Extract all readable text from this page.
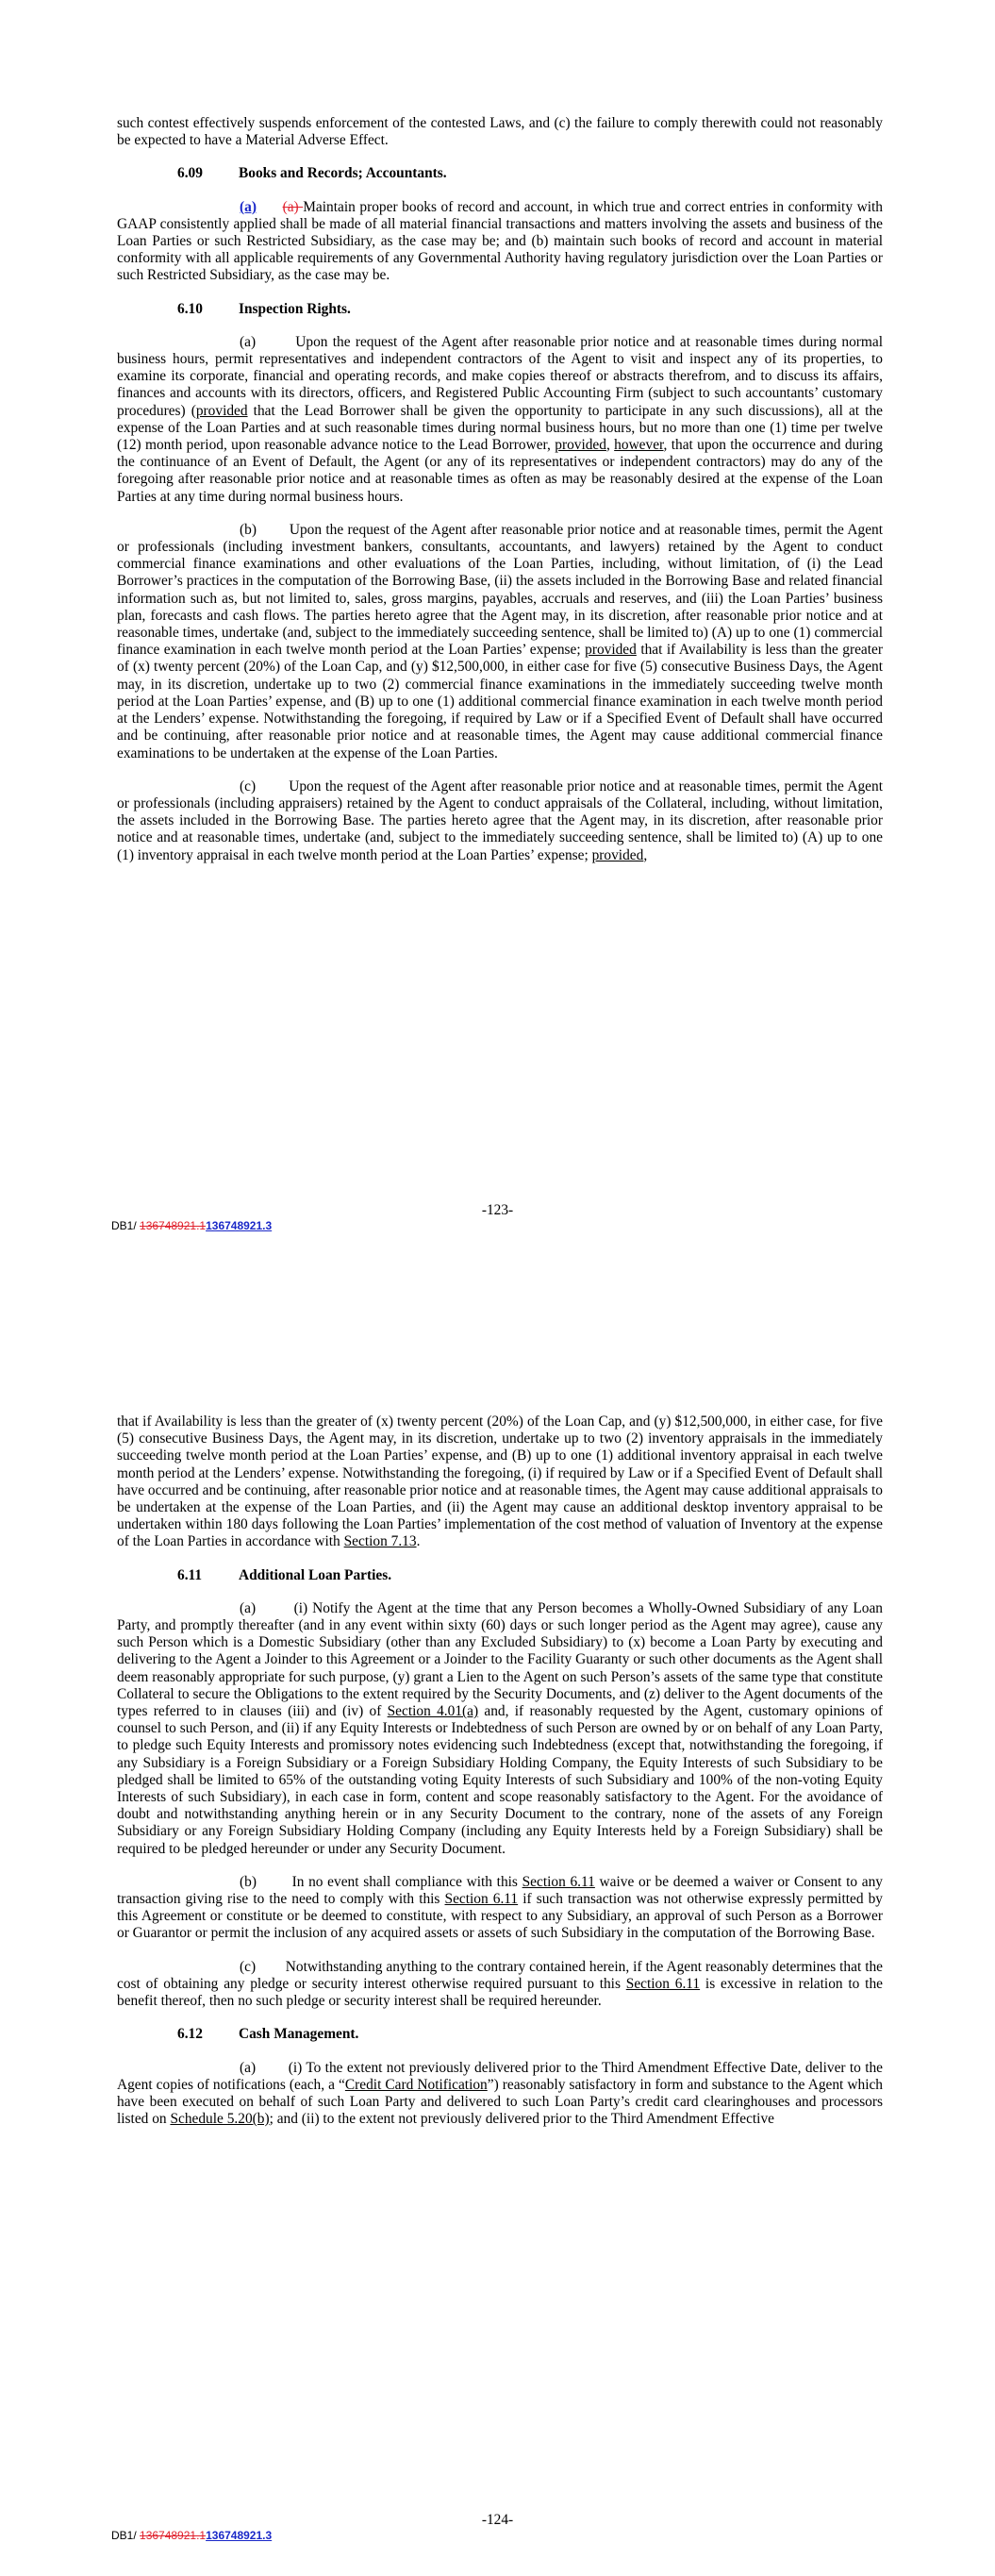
such contest effectively suspends enforcement of the contested Laws, and (c) the failure to comply therewith could not reasonably be expected to have a Material Adverse Effect.

6.09 Books and Records; Accountants.

(a) (a) Maintain proper books of record and account, in which true and correct entries in conformity with GAAP consistently applied shall be made of all material financial transactions and matters involving the assets and business of the Loan Parties or such Restricted Subsidiary, as the case may be; and (b) maintain such books of record and account in material conformity with all applicable requirements of any Governmental Authority having regulatory jurisdiction over the Loan Parties or such Restricted Subsidiary, as the case may be.

6.10 Inspection Rights.

(a)        Upon the request of the Agent after reasonable prior notice and at reasonable times during normal business hours, permit representatives and independent contractors of the Agent to visit and inspect any of its properties, to examine its corporate, financial and operating records, and make copies thereof or abstracts therefrom, and to discuss its affairs, finances and accounts with its directors, officers, and Registered Public Accounting Firm (subject to such accountants’ customary procedures) (provided that the Lead Borrower shall be given the opportunity to participate in any such discussions), all at the expense of the Loan Parties and at such reasonable times during normal business hours, but no more than one (1) time per twelve (12) month period, upon reasonable advance notice to the Lead Borrower, provided, however, that upon the occurrence and during the continuance of an Event of Default, the Agent (or any of its representatives or independent contractors) may do any of the foregoing after reasonable prior notice and at reasonable times as often as may be reasonably desired at the expense of the Loan Parties at any time during normal business hours.

(b)        Upon the request of the Agent after reasonable prior notice and at reasonable times, permit the Agent or professionals (including investment bankers, consultants, accountants, and lawyers) retained by the Agent to conduct commercial finance examinations and other evaluations of the Loan Parties, including, without limitation, of (i) the Lead Borrower’s practices in the computation of the Borrowing Base, (ii) the assets included in the Borrowing Base and related financial information such as, but not limited to, sales, gross margins, payables, accruals and reserves, and (iii) the Loan Parties’ business plan, forecasts and cash flows. The parties hereto agree that the Agent may, in its discretion, after reasonable prior notice and at reasonable times, undertake (and, subject to the immediately succeeding sentence, shall be limited to) (A) up to one (1) commercial finance examination in each twelve month period at the Loan Parties’ expense; provided that if Availability is less than the greater of (x) twenty percent (20%) of the Loan Cap, and (y) $12,500,000, in either case for five (5) consecutive Business Days, the Agent may, in its discretion, undertake up to two (2) commercial finance examinations in the immediately succeeding twelve month period at the Loan Parties’ expense, and (B) up to one (1) additional commercial finance examination in each twelve month period at the Lenders’ expense. Notwithstanding the foregoing, if required by Law or if a Specified Event of Default shall have occurred and be continuing, after reasonable prior notice and at reasonable times, the Agent may cause additional commercial finance examinations to be undertaken at the expense of the Loan Parties.

(c)        Upon the request of the Agent after reasonable prior notice and at reasonable times, permit the Agent or professionals (including appraisers) retained by the Agent to conduct appraisals of the Collateral, including, without limitation, the assets included in the Borrowing Base. The parties hereto agree that the Agent may, in its discretion, after reasonable prior notice and at reasonable times, undertake (and, subject to the immediately succeeding sentence, shall be limited to) (A) up to one (1) inventory appraisal in each twelve month period at the Loan Parties’ expense; provided,

-123-
DB1/ 136748921.1136748921.3

that if Availability is less than the greater of (x) twenty percent (20%) of the Loan Cap, and (y) $12,500,000, in either case, for five (5) consecutive Business Days, the Agent may, in its discretion, undertake up to two (2) inventory appraisals in the immediately succeeding twelve month period at the Loan Parties’ expense, and (B) up to one (1) additional inventory appraisal in each twelve month period at the Lenders’ expense. Notwithstanding the foregoing, (i) if required by Law or if a Specified Event of Default shall have occurred and be continuing, after reasonable prior notice and at reasonable times, the Agent may cause additional appraisals to be undertaken at the expense of the Loan Parties, and (ii) the Agent may cause an additional desktop inventory appraisal to be undertaken within 180 days following the Loan Parties’ implementation of the cost method of valuation of Inventory at the expense of the Loan Parties in accordance with Section 7.13.

6.11	Additional Loan Parties.

(a)        (i) Notify the Agent at the time that any Person becomes a Wholly-Owned Subsidiary of any Loan Party, and promptly thereafter (and in any event within sixty (60) days or such longer period as the Agent may agree), cause any such Person which is a Domestic Subsidiary (other than any Excluded Subsidiary) to (x) become a Loan Party by executing and delivering to the Agent a Joinder to this Agreement or a Joinder to the Facility Guaranty or such other documents as the Agent shall deem reasonably appropriate for such purpose, (y) grant a Lien to the Agent on such Person’s assets of the same type that constitute Collateral to secure the Obligations to the extent required by the Security Documents, and (z) deliver to the Agent documents of the types referred to in clauses (iii) and (iv) of Section 4.01(a) and, if reasonably requested by the Agent, customary opinions of counsel to such Person, and (ii) if any Equity Interests or Indebtedness of such Person are owned by or on behalf of any Loan Party, to pledge such Equity Interests and promissory notes evidencing such Indebtedness (except that, notwithstanding the foregoing, if any Subsidiary is a Foreign Subsidiary or a Foreign Subsidiary Holding Company, the Equity Interests of such Subsidiary to be pledged shall be limited to 65% of the outstanding voting Equity Interests of such Subsidiary and 100% of the non-voting Equity Interests of such Subsidiary), in each case in form, content and scope reasonably satisfactory to the Agent. For the avoidance of doubt and notwithstanding anything herein or in any Security Document to the contrary, none of the assets of any Foreign Subsidiary or any Foreign Subsidiary Holding Company (including any Equity Interests held by a Foreign Subsidiary) shall be required to be pledged hereunder or under any Security Document.

(b)        In no event shall compliance with this Section 6.11 waive or be deemed a waiver or Consent to any transaction giving rise to the need to comply with this Section 6.11 if such transaction was not otherwise expressly permitted by this Agreement or constitute or be deemed to constitute, with respect to any Subsidiary, an approval of such Person as a Borrower or Guarantor or permit the inclusion of any acquired assets or assets of such Subsidiary in the computation of the Borrowing Base.

(c)        Notwithstanding anything to the contrary contained herein, if the Agent reasonably determines that the cost of obtaining any pledge or security interest otherwise required pursuant to this Section 6.11 is excessive in relation to the benefit thereof, then no such pledge or security interest shall be required hereunder.

6.12 Cash Management.

(a)        (i) To the extent not previously delivered prior to the Third Amendment Effective Date, deliver to the Agent copies of notifications (each, a “Credit Card Notification”) reasonably satisfactory in form and substance to the Agent which have been executed on behalf of such Loan Party and delivered to such Loan Party’s credit card clearinghouses and processors listed on Schedule 5.20(b); and (ii) to the extent not previously delivered prior to the Third Amendment Effective

-124-
DB1/ 136748921.1136748921.3
